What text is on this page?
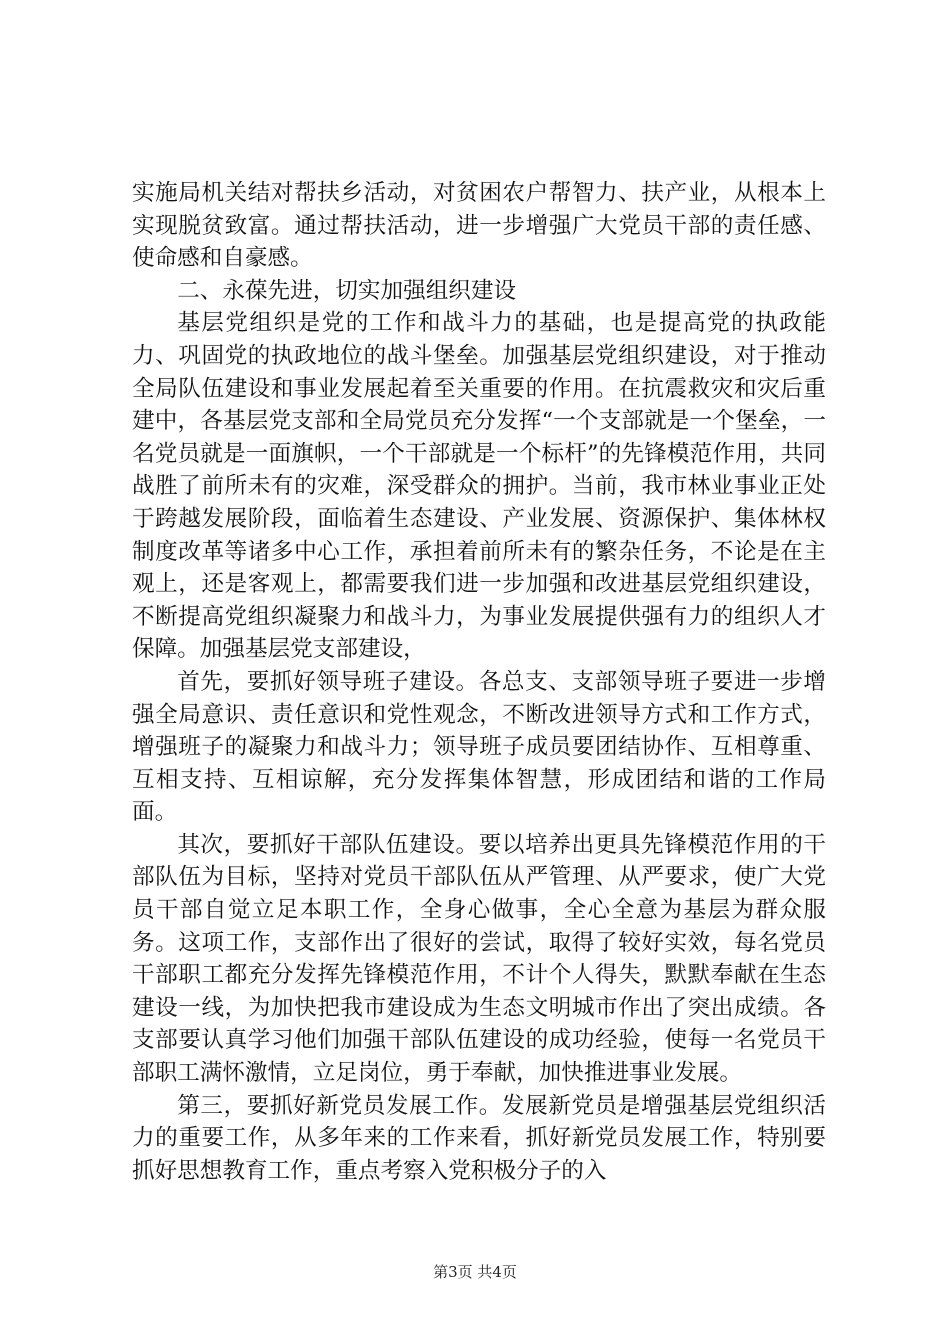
实施局机关结对帮扶乡活动，对贫困农户帮智力、扶产业，从根本上实现脱贫致富。通过帮扶活动，进一步增强广大党员干部的责任感、使命感和自豪感。

二、永葆先进，切实加强组织建设

基层党组织是党的工作和战斗力的基础，也是提高党的执政能力、巩固党的执政地位的战斗堡垒。加强基层党组织建设，对于推动全局队伍建设和事业发展起着至关重要的作用。在抗震救灾和灾后重建中，各基层党支部和全局党员充分发挥“一个支部就是一个堡垒，一名党员就是一面旗帜，一个干部就是一个标杆”的先锋模范作用，共同战胜了前所未有的灾难，深受群众的拥护。当前，我市林业事业正处于跨越发展阶段，面临着生态建设、产业发展、资源保护、集体林权制度改革等诸多中心工作，承担着前所未有的繁杂任务，不论是在主观上，还是客观上，都需要我们进一步加强和改进基层党组织建设，不断提高党组织凝聚力和战斗力，为事业发展提供强有力的组织人才保障。加强基层党支部建设，

首先，要抓好领导班子建设。各总支、支部领导班子要进一步增强全局意识、责任意识和党性观念，不断改进领导方式和工作方式，增强班子的凝聚力和战斗力；领导班子成员要团结协作、互相尊重、互相支持、互相谅解，充分发挥集体智慧，形成团结和谐的工作局面。

其次，要抓好干部队伍建设。要以培养出更具先锋模范作用的干部队伍为目标，坚持对党员干部队伍从严管理、从严要求，使广大党员干部自觉立足本职工作，全身心做事，全心全意为基层为群众服务。这项工作，支部作出了很好的尝试，取得了较好实效，每名党员干部职工都充分发挥先锋模范作用，不计个人得失，默默奉献在生态建设一线，为加快把我市建设成为生态文明城市作出了突出成绩。各支部要认真学习他们加强干部队伍建设的成功经验，使每一名党员干部职工满怀激情，立足岗位，勇于奉献，加快推进事业发展。

第三，要抓好新党员发展工作。发展新党员是增强基层党组织活力的重要工作，从多年来的工作来看，抓好新党员发展工作，特别要抓好思想教育工作，重点考察入党积极分子的入

第3页 共4页
